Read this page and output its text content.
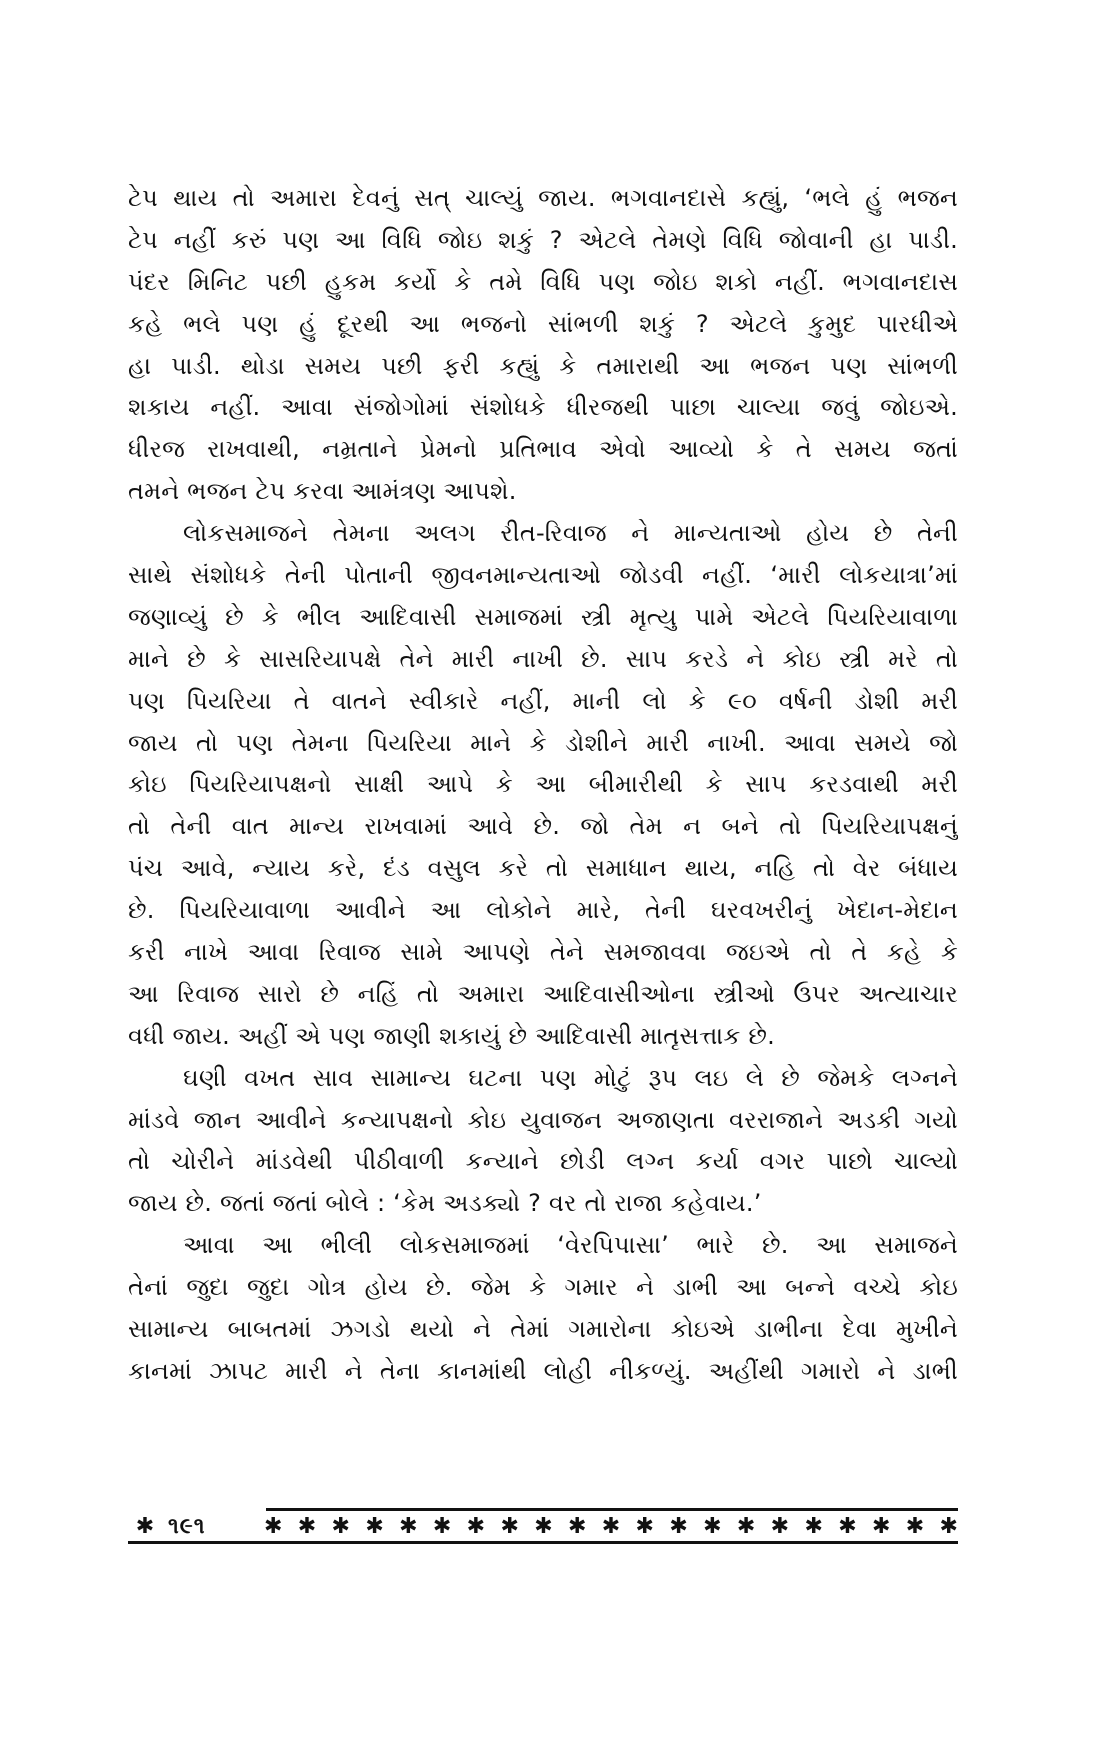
ટેપ થાય તો અમારા દેવનું સત્ ચાલ્યું જાય. ભગવાનદાસે કહ્યું, ‘ભલે હું ભજન
ટેપ નહીં કરું પણ આ વિધિ જોઇ શકું ? એટલે તેમણે વિધિ જોવાની હા પાડી.
પંદર મિનિટ પછી હુકમ કર્યો કે તમે વિધિ પણ જોઇ શકો નહીં. ભગવાનદાસ
કહે ભલે પણ હું દૂરથી આ ભજનો સાંભળી શકું ? એટલે કુમુદ પારધીએ
હા પાડી. થોડા સમય પછી ફરી કહ્યું કે તમારાથી આ ભજન પણ સાંભળી
શકાય નહીં. આવા સંજોગોમાં સંશોધકે ધીરજથી પાછા ચાલ્યા જવું જોઇએ.
ધીરજ રાખવાથી, નમ્રતાને પ્રેમનો પ્રતિભાવ એવો આવ્યો કે તે સમય જતાં
તમને ભજન ટેપ કરવા આમંત્રણ આપશે.
લોકસમાજને તેમના અલગ રીત-રિવાજ ને માન્યતાઓ હોય છે તેની
સાથે સંશોધકે તેની પોતાની જીવનમાન્યતાઓ જોડવી નહીં. ‘મારી લોકયાત્રા’માં
જણાવ્યું છે કે ભીલ આદિવાસી સમાજમાં સ્ત્રી મૃત્યુ પામે એટલે પિયરિયાવાળા
માને છે કે સાસરિયાપક્ષે તેને મારી નાખી છે. સાપ કરડે ને કોઇ સ્ત્રી મરે તો
પણ પિયરિયા તે વાતને સ્વીકારે નહીં, માની લો કે ૯૦ વર્ષની ડોશી મરી
જાય તો પણ તેમના પિયરિયા માને કે ડોશીને મારી નાખી. આવા સમયે જો
કોઇ પિયરિયાપક્ષનો સાક્ષી આપે કે આ બીમારીથી કે સાપ કરડવાથી મરી
તો તેની વાત માન્ય રાખવામાં આવે છે. જો તેમ ન બને તો પિયરિયાપક્ષનું
પંચ આવે, ન્યાય કરે, દંડ વસુલ કરે તો સમાધાન થાય, નહિ તો વેર બંધાય
છે. પિયરિયાવાળા આવીને આ લોકોને મારે, તેની ઘરવખરીનું ખેદાન-મેદાન
કરી નાખે આવા રિવાજ સામે આપણે તેને સમજાવવા જઇએ તો તે કહે કે
આ રિવાજ સારો છે નહિં તો અમારા આદિવાસીઓના સ્ત્રીઓ ઉપર અત્યાચાર
વધી જાય. અહીં એ પણ જાણી શકાયું છે આદિવાસી માતૃસત્તાક છે.
ઘણી વખત સાવ સામાન્ય ઘટના પણ મોટું રૂપ લઇ લે છે જેમકે લગ્નને
માંડવે જાન આવીને કન્યાપક્ષનો કોઇ યુવાજન અજાણતા વરરાજાને અડકી ગયો
તો ચોરીને માંડવેથી પીઠીવાળી કન્યાને છોડી લગ્ન કર્યા વગર પાછો ચાલ્યો
જાય છે. જતાં જતાં બોલે : ‘કેમ અડક્યો ? વર તો રાજા કહેવાય.’
આવા આ ભીલી લોકસમાજમાં ‘વેરપિપાસા’ ભારે છે. આ સમાજને
તેનાં જુદા જુદા ગોત્ર હોય છે. જેમ કે ગમાર ને ડાભી આ બન્ને વચ્ચે કોઇ
સામાન્ય બાબતમાં ઝગડો થયો ને તેમાં ગમારોના કોઇએ ડાભીના દેવા મુખીને
કાનમાં ઝાપટ મારી ને તેના કાનમાંથી લોહી નીકળ્યું. અહીંથી ગમારો ને ડાભી
✱ ૧૯૧	✱ ✱ ✱ ✱ ✱ ✱ ✱ ✱ ✱ ✱ ✱ ✱ ✱ ✱ ✱ ✱ ✱ ✱ ✱ ✱ ✱
